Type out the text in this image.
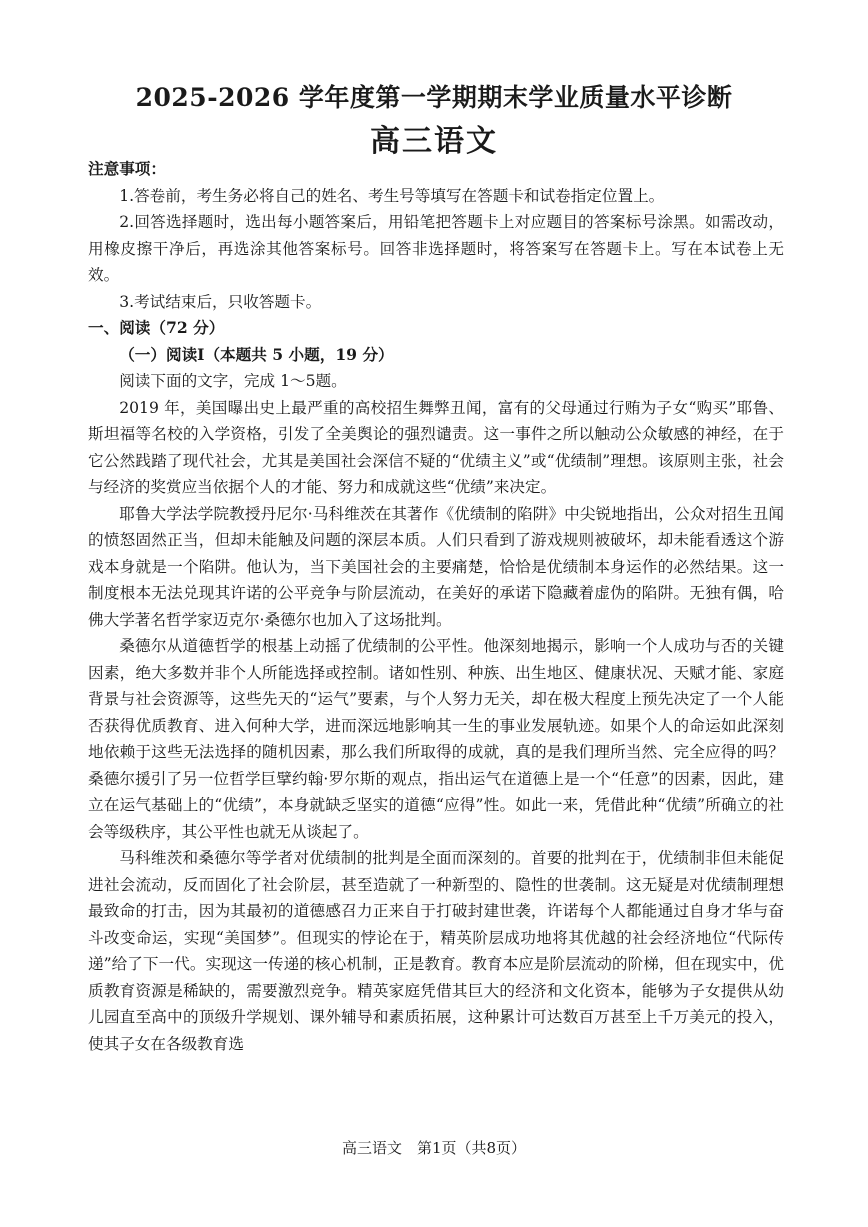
2025-2026 学年度第一学期期末学业质量水平诊断
高三语文

注意事项：

1.答卷前，考生务必将自己的姓名、考生号等填写在答题卡和试卷指定位置上。

2.回答选择题时，选出每小题答案后，用铅笔把答题卡上对应题目的答案标号涂黑。如需改动，用橡皮擦干净后，再选涂其他答案标号。回答非选择题时，将答案写在答题卡上。写在本试卷上无效。

3.考试结束后，只收答题卡。

一、阅读（72 分）

（一）阅读Ⅰ（本题共 5 小题，19 分）

阅读下面的文字，完成 1～5题。

2019 年，美国曝出史上最严重的高校招生舞弊丑闻，富有的父母通过行贿为子女“购买”耶鲁、斯坦福等名校的入学资格，引发了全美舆论的强烈谴责。这一事件之所以触动公众敏感的神经，在于它公然践踏了现代社会，尤其是美国社会深信不疑的“优绩主义”或“优绩制”理想。该原则主张，社会与经济的奖赏应当依据个人的才能、努力和成就这些“优绩”来决定。

耶鲁大学法学院教授丹尼尔·马科维茨在其著作《优绩制的陷阱》中尖锐地指出，公众对招生丑闻的愤怒固然正当，但却未能触及问题的深层本质。人们只看到了游戏规则被破坏，却未能看透这个游戏本身就是一个陷阱。他认为，当下美国社会的主要痛楚，恰恰是优绩制本身运作的必然结果。这一制度根本无法兑现其许诺的公平竞争与阶层流动，在美好的承诺下隐藏着虚伪的陷阱。无独有偶，哈佛大学著名哲学家迈克尔·桑德尔也加入了这场批判。

桑德尔从道德哲学的根基上动摇了优绩制的公平性。他深刻地揭示，影响一个人成功与否的关键因素，绝大多数并非个人所能选择或控制。诸如性别、种族、出生地区、健康状况、天赋才能、家庭背景与社会资源等，这些先天的“运气”要素，与个人努力无关，却在极大程度上预先决定了一个人能否获得优质教育、进入何种大学，进而深远地影响其一生的事业发展轨迹。如果个人的命运如此深刻地依赖于这些无法选择的随机因素，那么我们所取得的成就，真的是我们理所当然、完全应得的吗？桑德尔援引了另一位哲学巨擘约翰·罗尔斯的观点，指出运气在道德上是一个“任意”的因素，因此，建立在运气基础上的“优绩”，本身就缺乏坚实的道德“应得”性。如此一来，凭借此种“优绩”所确立的社会等级秩序，其公平性也就无从谈起了。

马科维茨和桑德尔等学者对优绩制的批判是全面而深刻的。首要的批判在于，优绩制非但未能促进社会流动，反而固化了社会阶层，甚至造就了一种新型的、隐性的世袭制。这无疑是对优绩制理想最致命的打击，因为其最初的道德感召力正来自于打破封建世袭，许诺每个人都能通过自身才华与奋斗改变命运，实现“美国梦”。但现实的悖论在于，精英阶层成功地将其优越的社会经济地位“代际传递”给了下一代。实现这一传递的核心机制，正是教育。教育本应是阶层流动的阶梯，但在现实中，优质教育资源是稀缺的，需要激烈竞争。精英家庭凭借其巨大的经济和文化资本，能够为子女提供从幼儿园直至高中的顶级升学规划、课外辅导和素质拓展，这种累计可达数百万甚至上千万美元的投入，使其子女在各级教育选

高三语文　第1页（共8页）
